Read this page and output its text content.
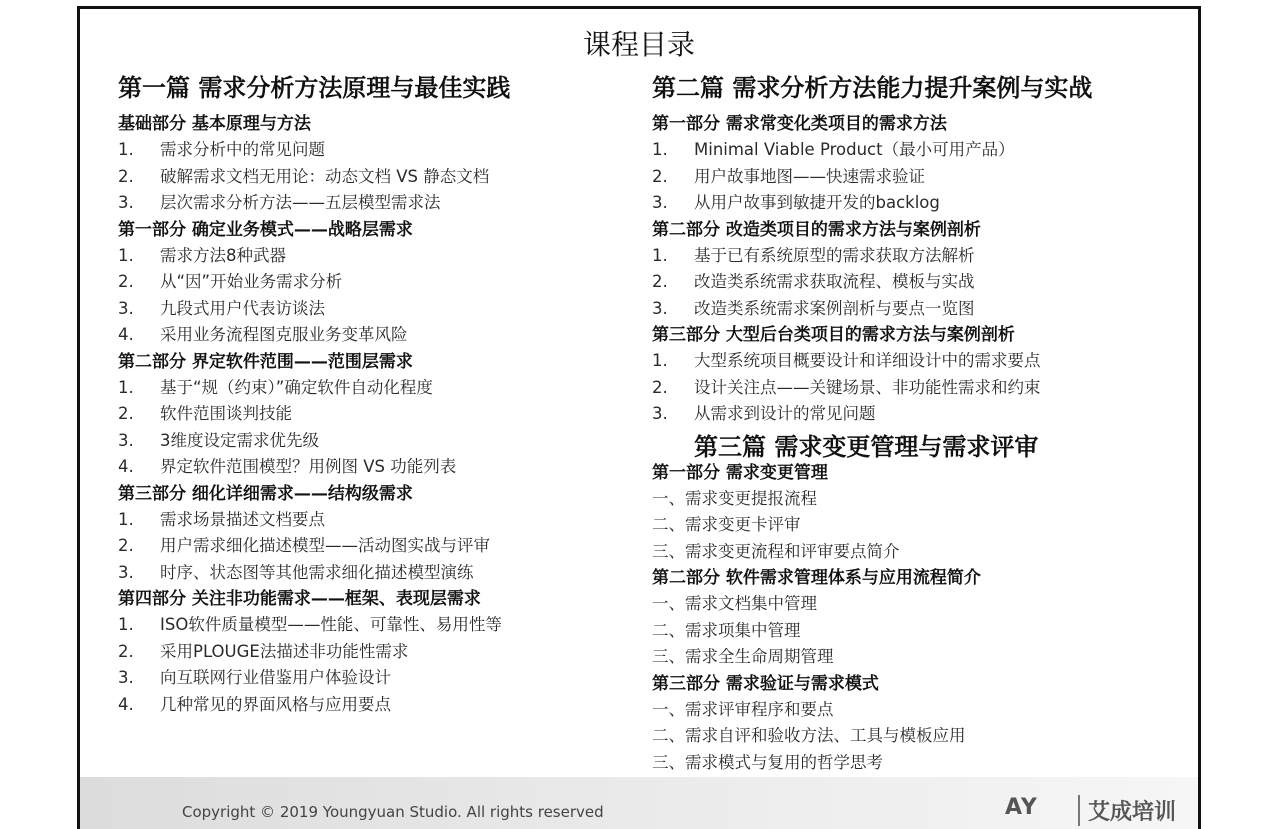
课程目录
第一篇 需求分析方法原理与最佳实践
基础部分 基本原理与方法
1.	需求分析中的常见问题
2.	破解需求文档无用论：动态文档 VS 静态文档
3.	层次需求分析方法——五层模型需求法
第一部分 确定业务模式——战略层需求
1.	需求方法8种武器
2.	从“因”开始业务需求分析
3.	九段式用户代表访谈法
4.	采用业务流程图克服业务变革风险
第二部分 界定软件范围——范围层需求
1.	基于“规（约束）”确定软件自动化程度
2.	软件范围谈判技能
3.	3维度设定需求优先级
4.	界定软件范围模型？用例图 VS 功能列表
第三部分 细化详细需求——结构级需求
1.	需求场景描述文档要点
2.	用户需求细化描述模型——活动图实战与评审
3.	时序、状态图等其他需求细化描述模型演练
第四部分 关注非功能需求——框架、表现层需求
1.	ISO软件质量模型——性能、可靠性、易用性等
2.	采用PLOUGE法描述非功能性需求
3.	向互联网行业借鉴用户体验设计
4.	几种常见的界面风格与应用要点
第二篇 需求分析方法能力提升案例与实战
第一部分 需求常变化类项目的需求方法
1.	Minimal Viable Product（最小可用产品）
2.	用户故事地图——快速需求验证
3.	从用户故事到敏捷开发的backlog
第二部分 改造类项目的需求方法与案例剖析
1.	基于已有系统原型的需求获取方法解析
2.	改造类系统需求获取流程、模板与实战
3.	改造类系统需求案例剖析与要点一览图
第三部分 大型后台类项目的需求方法与案例剖析
1.	大型系统项目概要设计和详细设计中的需求要点
2.	设计关注点——关键场景、非功能性需求和约束
3.	从需求到设计的常见问题
第三篇 需求变更管理与需求评审
第一部分 需求变更管理
一、 需求变更提报流程
二、 需求变更卡评审
三、 需求变更流程和评审要点简介
第二部分 软件需求管理体系与应用流程简介
一、 需求文档集中管理
二、 需求项集中管理
三、 需求全生命周期管理
第三部分 需求验证与需求模式
一、 需求评审程序和要点
二、 需求自评和验收方法、工具与模板应用
三、 需求模式与复用的哲学思考
Copyright © 2019 Youngyuan Studio. All rights reserved	AY	艾成培训
